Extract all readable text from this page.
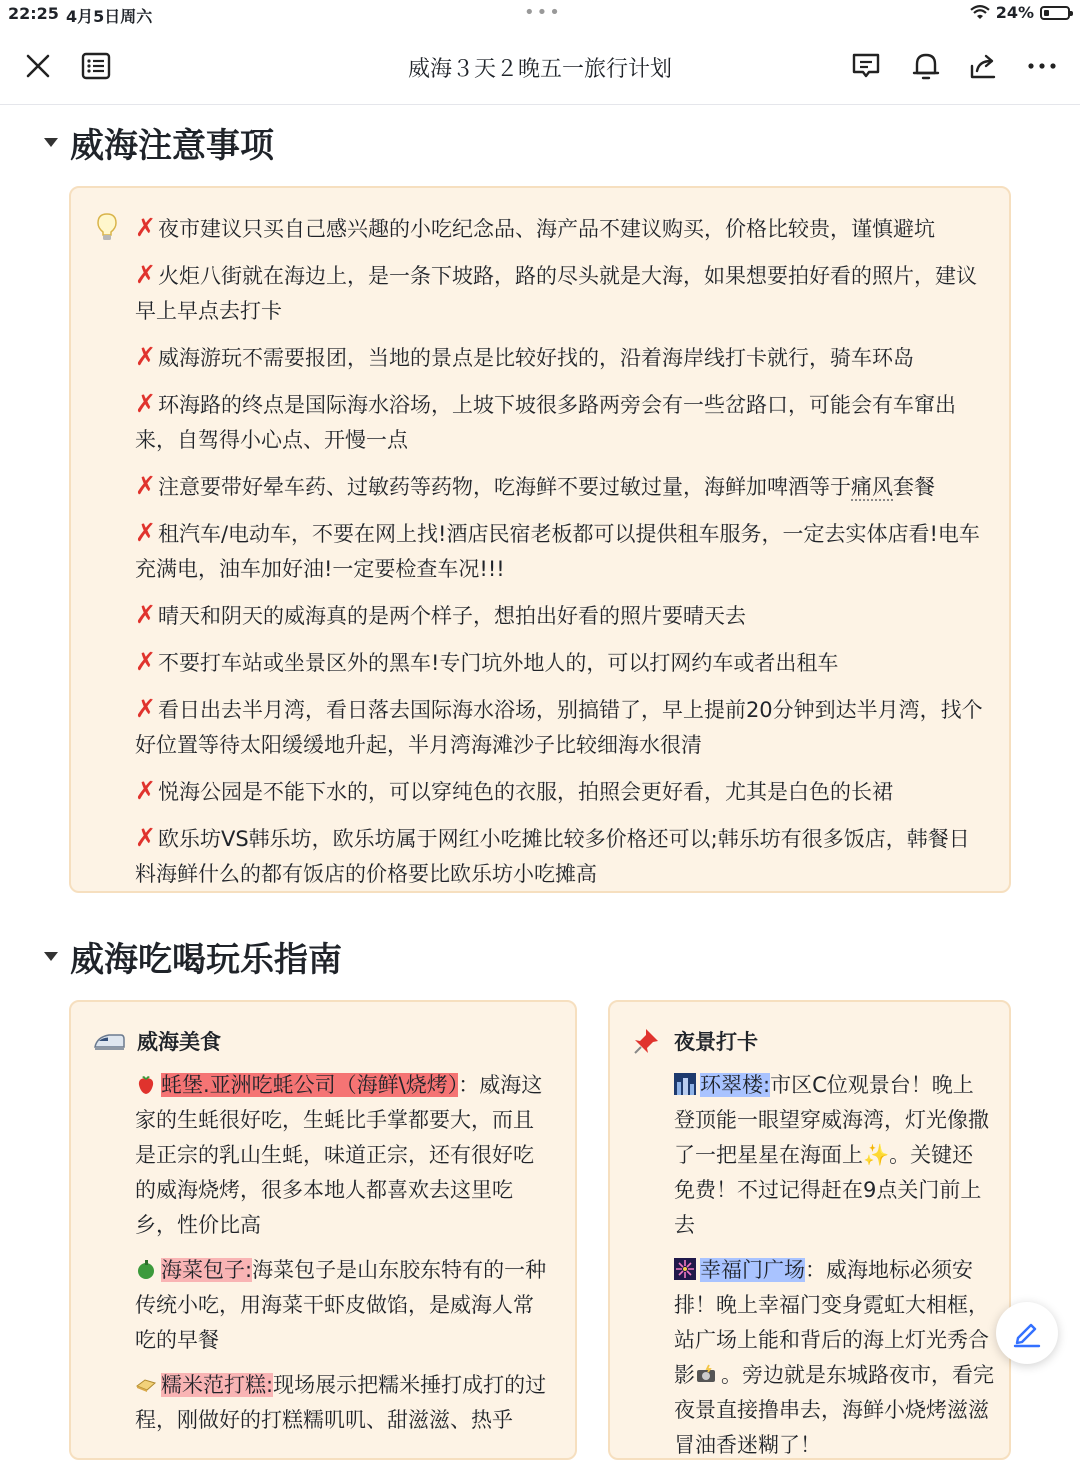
22:25 4月5日周六	•••	24%
威海３天２晚五一旅行计划
威海注意事项
✗夜市建议只买自己感兴趣的小吃纪念品、海产品不建议购买，价格比较贵，谨慎避坑
✗火炬八街就在海边上，是一条下坡路，路的尽头就是大海，如果想要拍好看的照片，建议早上早点去打卡
✗威海游玩不需要报团，当地的景点是比较好找的，沿着海岸线打卡就行，骑车环岛
✗环海路的终点是国际海水浴场，上坡下坡很多路两旁会有一些岔路口，可能会有车窜出来，自驾得小心点、开慢一点
✗注意要带好晕车药、过敏药等药物，吃海鲜不要过敏过量，海鲜加啤酒等于痛风套餐
✗租汽车/电动车，不要在网上找!酒店民宿老板都可以提供租车服务，一定去实体店看!电车充满电，油车加好油!一定要检查车况!!!
✗晴天和阴天的威海真的是两个样子，想拍出好看的照片要晴天去
✗不要打车站或坐景区外的黑车!专门坑外地人的，可以打网约车或者出租车
✗看日出去半月湾，看日落去国际海水浴场，别搞错了，早上提前20分钟到达半月湾，找个好位置等待太阳缓缓地升起，半月湾海滩沙子比较细海水很清
✗悦海公园是不能下水的，可以穿纯色的衣服，拍照会更好看，尤其是白色的长裙
✗欧乐坊VS韩乐坊，欧乐坊属于网红小吃摊比较多价格还可以;韩乐坊有很多饭店，韩餐日料海鲜什么的都有饭店的价格要比欧乐坊小吃摊高
威海吃喝玩乐指南
威海美食

蚝堡.亚洲吃蚝公司（海鲜\烧烤）：威海这家的生蚝很好吃，生蚝比手掌都要大，而且是正宗的乳山生蚝，味道正宗，还有很好吃的威海烧烤，很多本地人都喜欢去这里吃乡，性价比高

海菜包子:海菜包子是山东胶东特有的一种传统小吃，用海菜干虾皮做馅，是威海人常吃的早餐

糯米范打糕:现场展示把糯米捶打成打的过程，刚做好的打糕糯叽叽、甜滋滋、热乎

夜景打卡

环翠楼:市区C位观景台！晚上登顶能一眼望穿威海湾，灯光像撒了一把星星在海面上✨。关键还免费！不过记得赶在9点关门前上去

幸福门广场：威海地标必须安排！晚上幸福门变身霓虹大相框，站广场上能和背后的海上灯光秀合影 。旁边就是东城路夜市，看完夜景直接撸串去，海鲜小烧烤滋滋冒油香迷糊了！
